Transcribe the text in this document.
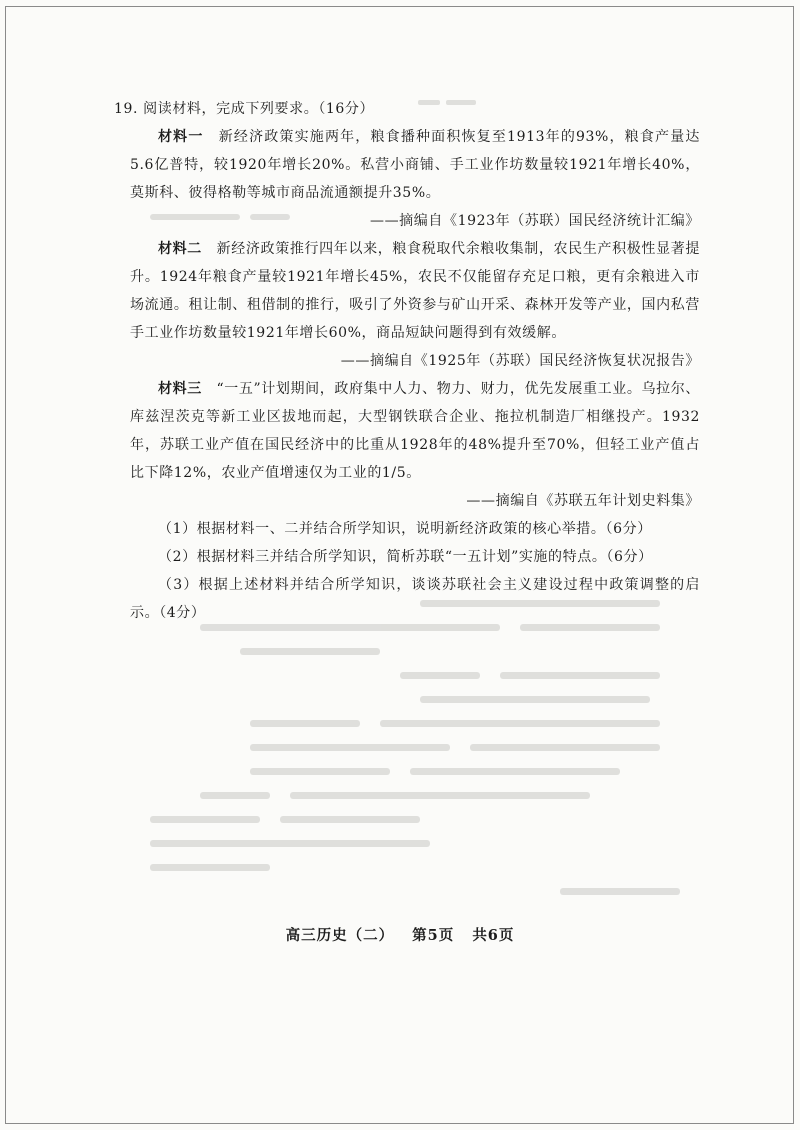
19. 阅读材料，完成下列要求。（16分）

材料一　 新经济政策实施两年，粮食播种面积恢复至1913年的93%，粮食产量达5.6亿普特，较1920年增长20%。私营小商铺、手工业作坊数量较1921年增长40%，莫斯科、彼得格勒等城市商品流通额提升35%。

——摘编自《1923年（苏联）国民经济统计汇编》

材料二　 新经济政策推行四年以来，粮食税取代余粮收集制，农民生产积极性显著提升。1924年粮食产量较1921年增长45%，农民不仅能留存充足口粮，更有余粮进入市场流通。租让制、租借制的推行，吸引了外资参与矿山开采、森林开发等产业，国内私营手工业作坊数量较1921年增长60%，商品短缺问题得到有效缓解。

——摘编自《1925年（苏联）国民经济恢复状况报告》

材料三　 “一五”计划期间，政府集中人力、物力、财力，优先发展重工业。乌拉尔、库兹涅茨克等新工业区拔地而起，大型钢铁联合企业、拖拉机制造厂相继投产。1932年，苏联工业产值在国民经济中的比重从1928年的48%提升至70%，但轻工业产值占比下降12%，农业产值增速仅为工业的1/5。

——摘编自《苏联五年计划史料集》

（1）根据材料一、二并结合所学知识，说明新经济政策的核心举措。（6分）

（2）根据材料三并结合所学知识，简析苏联“一五计划”实施的特点。（6分）

（3）根据上述材料并结合所学知识，谈谈苏联社会主义建设过程中政策调整的启示。（4分）

高三历史（二） 第5页 共6页
